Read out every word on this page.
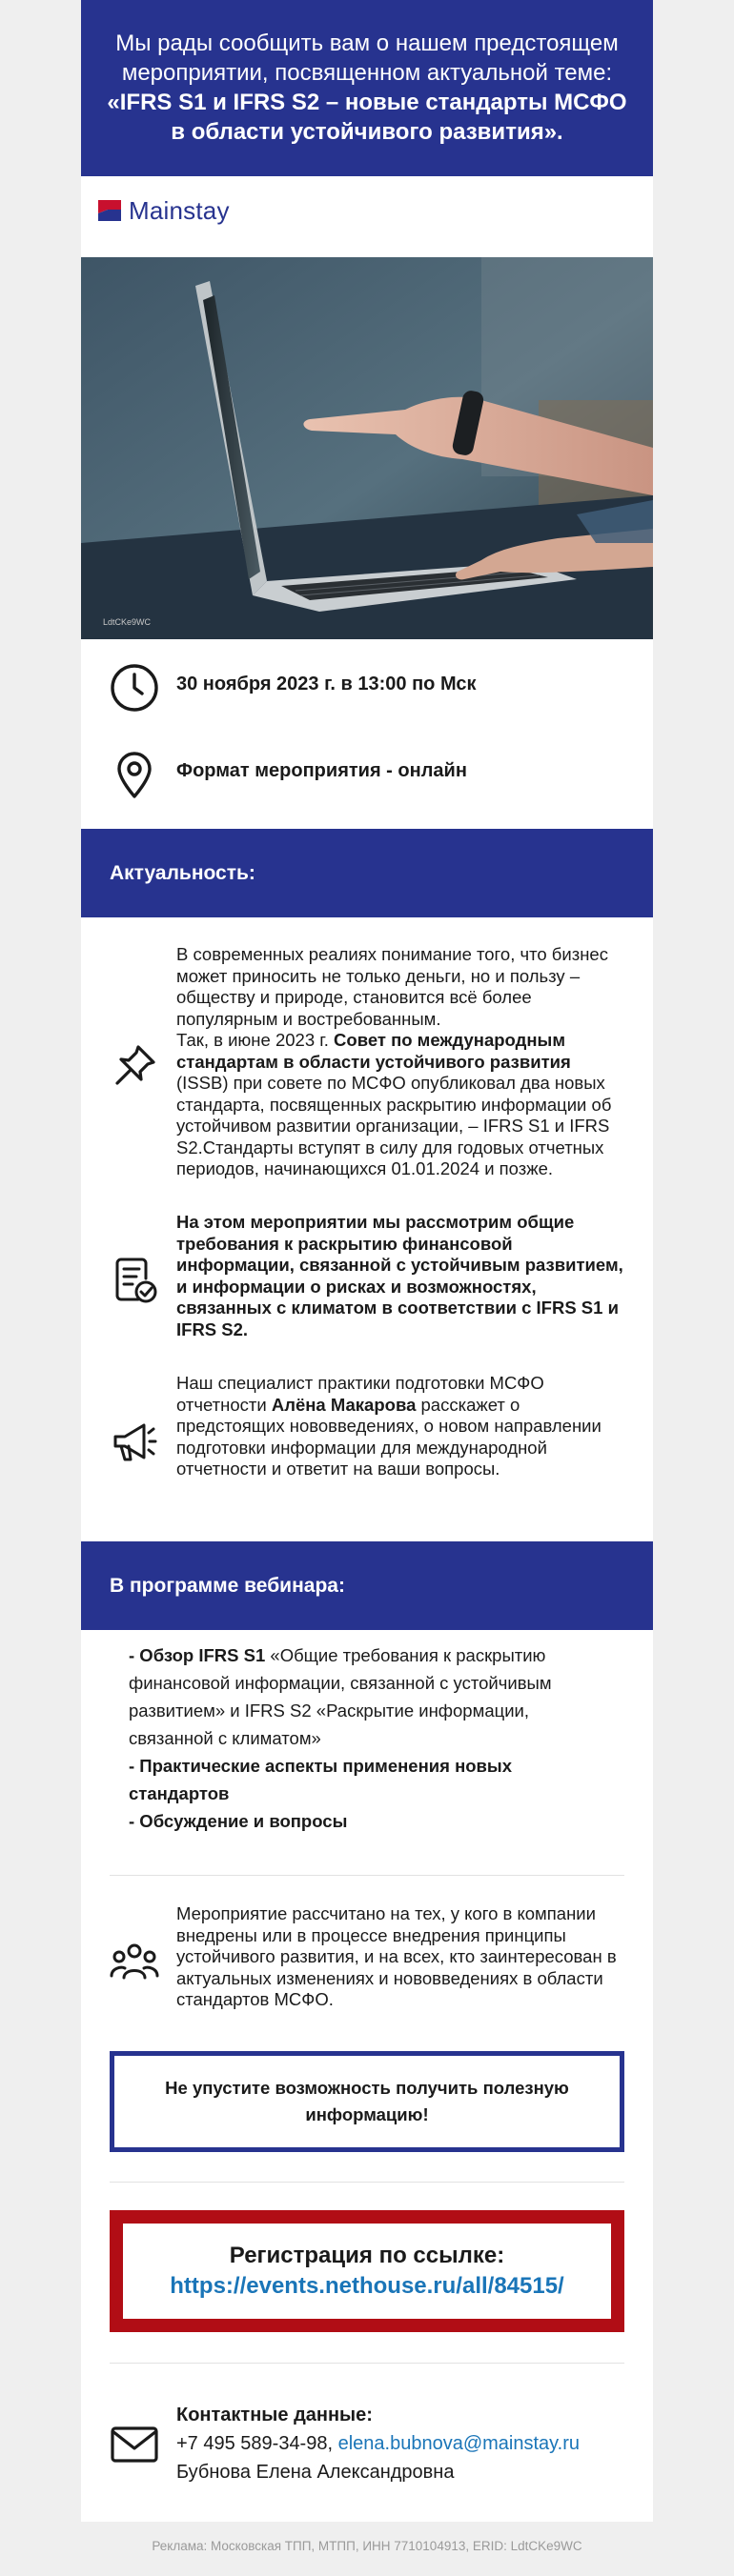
Мы рады сообщить вам о нашем предстоящем мероприятии, посвященном актуальной теме:
«IFRS S1 и IFRS S2 – новые стандарты МСФО в области устойчивого развития».
Mainstay
LdtCKe9WC
30 ноября 2023 г. в 13:00 по Мск
Формат мероприятия - онлайн
Актуальность:
В современных реалиях понимание того, что бизнес может приносить не только деньги, но и пользу – обществу и природе, становится всё более популярным и востребованным.
Так, в июне 2023 г. Совет по международным стандартам в области устойчивого развития (ISSB) при совете по МСФО опубликовал два новых стандарта, посвященных раскрытию информации об устойчивом развитии организации, – IFRS S1 и IFRS S2.Стандарты вступят в силу для годовых отчетных периодов, начинающихся 01.01.2024 и позже.
На этом мероприятии мы рассмотрим общие требования к раскрытию финансовой информации, связанной с устойчивым развитием, и информации о рисках и возможностях, связанных с климатом в соответствии с IFRS S1 и IFRS S2.
Наш специалист практики подготовки МСФО отчетности Алёна Макарова расскажет о предстоящих нововведениях, о новом направлении подготовки информации для международной отчетности и ответит на ваши вопросы.
В программе вебинара:
- Обзор IFRS S1 «Общие требования к раскрытию финансовой информации, связанной с устойчивым развитием» и IFRS S2 «Раскрытие информации, связанной с климатом»
- Практические аспекты применения новых стандартов
- Обсуждение и вопросы
Мероприятие рассчитано на тех, у кого в компании внедрены или в процессе внедрения принципы устойчивого развития, и на всех, кто заинтересован в актуальных изменениях и нововведениях в области стандартов МСФО.
Не упустите возможность получить полезную информацию!
Регистрация по ссылке:
https://events.nethouse.ru/all/84515/
Контактные данные:
+7 495 589-34-98, elena.bubnova@mainstay.ru
Бубнова Елена Александровна
Реклама: Московская ТПП, МТПП, ИНН 7710104913, ERID: LdtCKe9WC
